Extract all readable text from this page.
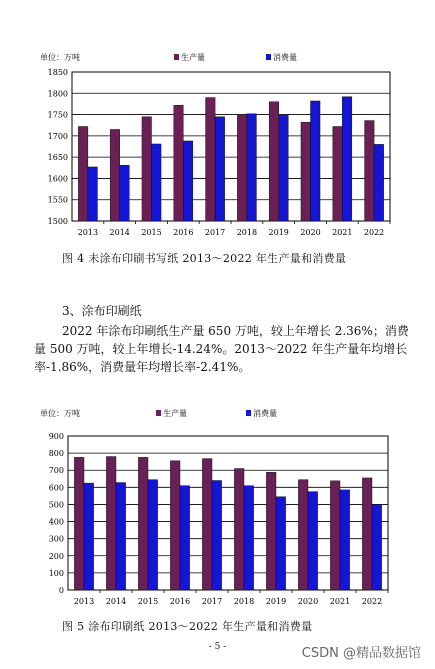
单位：万吨	生产量	消费量
1500
1550
1600
1650
1700
1750
1800
1850
2013 2014 2015 2016 2017 2018 2019 2020 2021 2022
图 4 未涂布印刷书写纸 2013～2022 年生产量和消费量
3、涂布印刷纸
2022 年涂布印刷纸生产量 650 万吨，较上年增长 2.36%；消费量 500 万吨，较上年增长-14.24%。2013～2022 年生产量年均增长率-1.86%，消费量年均增长率-2.41%。
单位：万吨	生产量	消费量
0
100
200
300
400
500
600
700
800
900
2013 2014 2015 2016 2017 2018 2019 2020 2021 2022
图 5 涂布印刷纸 2013～2022 年生产量和消费量
- 5 -	CSDN @精品数据馆
